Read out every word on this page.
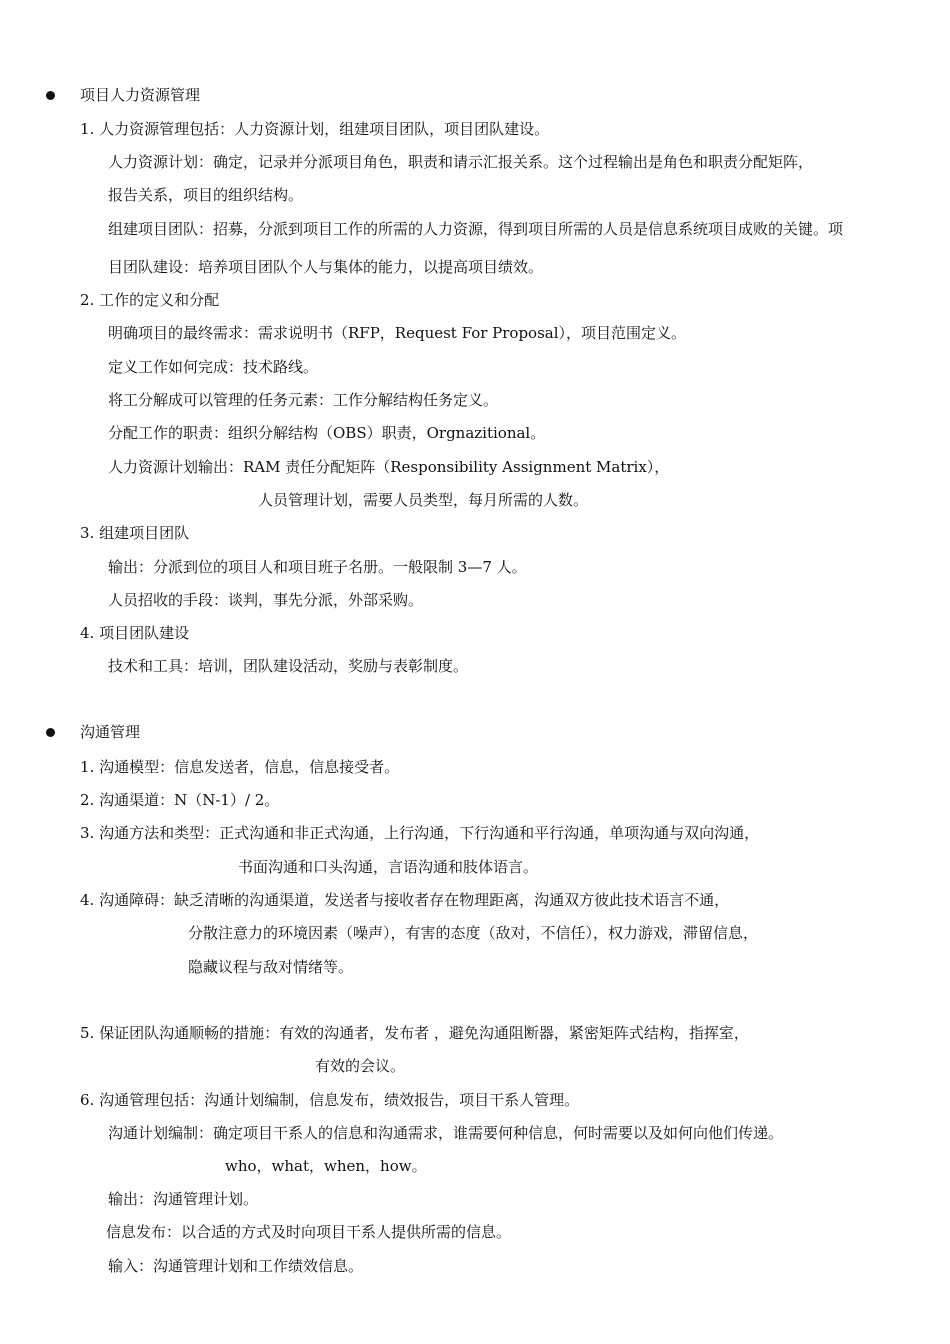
项目人力资源管理
1. 人力资源管理包括：人力资源计划，组建项目团队，项目团队建设。
人力资源计划：确定，记录并分派项目角色，职责和请示汇报关系。这个过程输出是角色和职责分配矩阵，
报告关系，项目的组织结构。
组建项目团队：招募，分派到项目工作的所需的人力资源，得到项目所需的人员是信息系统项目成败的关键。项
目团队建设：培养项目团队个人与集体的能力，以提高项目绩效。
2. 工作的定义和分配
明确项目的最终需求：需求说明书（RFP，Request For Proposal），项目范围定义。
定义工作如何完成：技术路线。
将工分解成可以管理的任务元素：工作分解结构任务定义。
分配工作的职责：组织分解结构（OBS）职责，Orgnazitional。
人力资源计划输出：RAM 责任分配矩阵（Responsibility Assignment Matrix），
人员管理计划，需要人员类型，每月所需的人数。
3. 组建项目团队
输出：分派到位的项目人和项目班子名册。一般限制 3—7 人。
人员招收的手段：谈判，事先分派，外部采购。
4. 项目团队建设
技术和工具：培训，团队建设活动，奖励与表彰制度。
沟通管理
1. 沟通模型：信息发送者，信息，信息接受者。
2. 沟通渠道：N（N-1）/ 2。
3. 沟通方法和类型：正式沟通和非正式沟通，上行沟通，下行沟通和平行沟通，单项沟通与双向沟通，
书面沟通和口头沟通，言语沟通和肢体语言。
4. 沟通障碍：缺乏清晰的沟通渠道，发送者与接收者存在物理距离，沟通双方彼此技术语言不通，
分散注意力的环境因素（噪声），有害的态度（敌对，不信任），权力游戏，滞留信息，
隐藏议程与敌对情绪等。
5. 保证团队沟通顺畅的措施：有效的沟通者，发布者 ，避免沟通阻断器，紧密矩阵式结构，指挥室，
有效的会议。
6. 沟通管理包括：沟通计划编制，信息发布，绩效报告，项目干系人管理。
沟通计划编制：确定项目干系人的信息和沟通需求，谁需要何种信息，何时需要以及如何向他们传递。
who，what，when，how。
输出：沟通管理计划。
信息发布：以合适的方式及时向项目干系人提供所需的信息。
输入：沟通管理计划和工作绩效信息。
